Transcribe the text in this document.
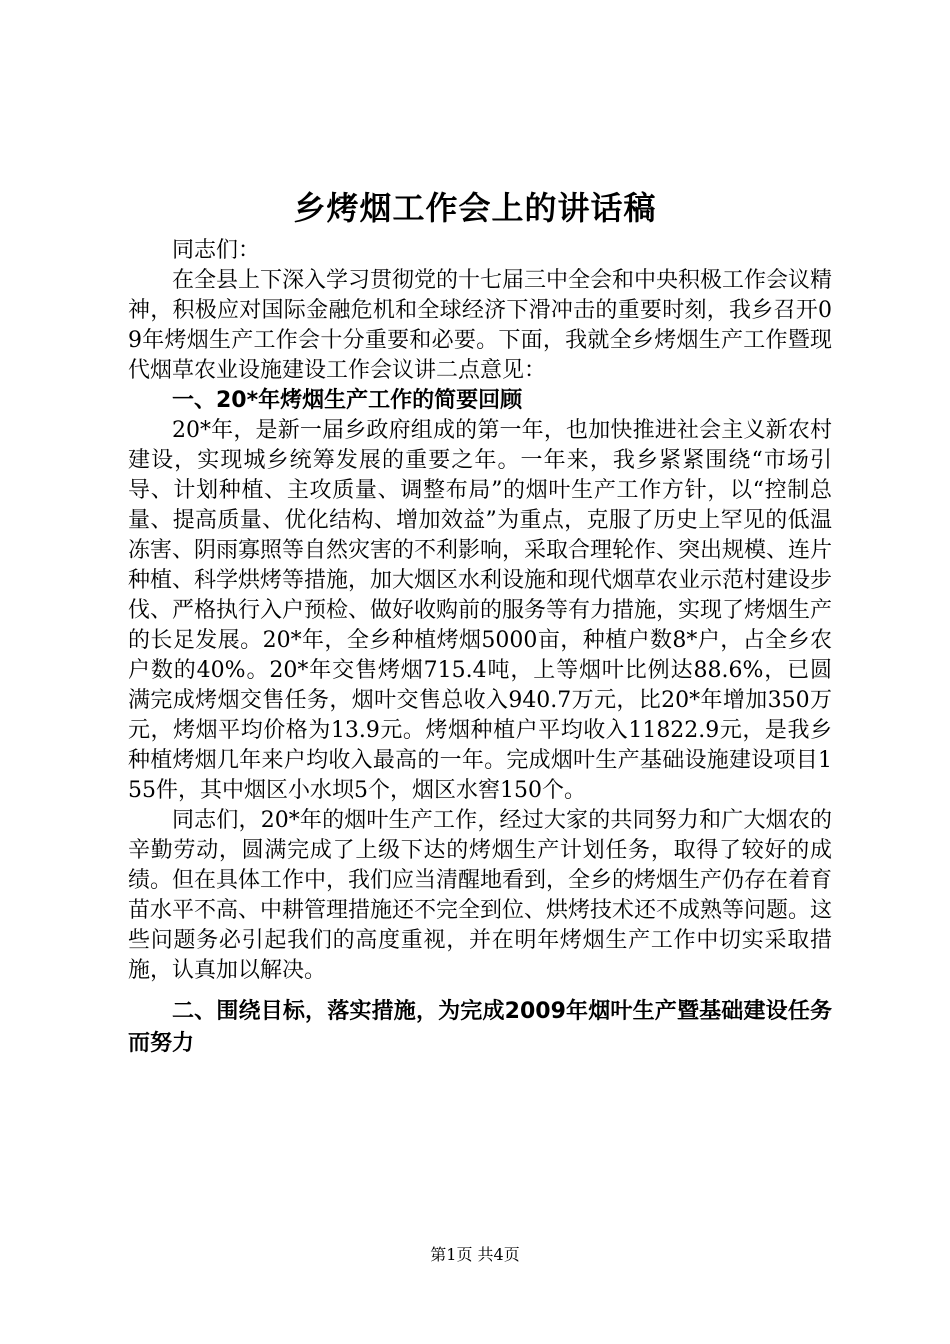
乡烤烟工作会上的讲话稿

同志们：

在全县上下深入学习贯彻党的十七届三中全会和中央积极工作会议精神，积极应对国际金融危机和全球经济下滑冲击的重要时刻，我乡召开09年烤烟生产工作会十分重要和必要。下面，我就全乡烤烟生产工作暨现代烟草农业设施建设工作会议讲二点意见：

一、20*年烤烟生产工作的简要回顾

20*年，是新一届乡政府组成的第一年，也加快推进社会主义新农村建设，实现城乡统筹发展的重要之年。一年来，我乡紧紧围绕“市场引导、计划种植、主攻质量、调整布局”的烟叶生产工作方针，以“控制总量、提高质量、优化结构、增加效益”为重点，克服了历史上罕见的低温冻害、阴雨寡照等自然灾害的不利影响，采取合理轮作、突出规模、连片种植、科学烘烤等措施，加大烟区水利设施和现代烟草农业示范村建设步伐、严格执行入户预检、做好收购前的服务等有力措施，实现了烤烟生产的长足发展。20*年，全乡种植烤烟5000亩，种植户数8*户，占全乡农户数的40%。20*年交售烤烟715.4吨，上等烟叶比例达88.6%，已圆满完成烤烟交售任务，烟叶交售总收入940.7万元，比20*年增加350万元，烤烟平均价格为13.9元。烤烟种植户平均收入11822.9元，是我乡种植烤烟几年来户均收入最高的一年。完成烟叶生产基础设施建设项目155件，其中烟区小水坝5个，烟区水窖150个。

同志们，20*年的烟叶生产工作，经过大家的共同努力和广大烟农的辛勤劳动，圆满完成了上级下达的烤烟生产计划任务，取得了较好的成绩。但在具体工作中，我们应当清醒地看到，全乡的烤烟生产仍存在着育苗水平不高、中耕管理措施还不完全到位、烘烤技术还不成熟等问题。这些问题务必引起我们的高度重视，并在明年烤烟生产工作中切实采取措施，认真加以解决。

二、围绕目标，落实措施，为完成2009年烟叶生产暨基础建设任务而努力

第1页 共4页
